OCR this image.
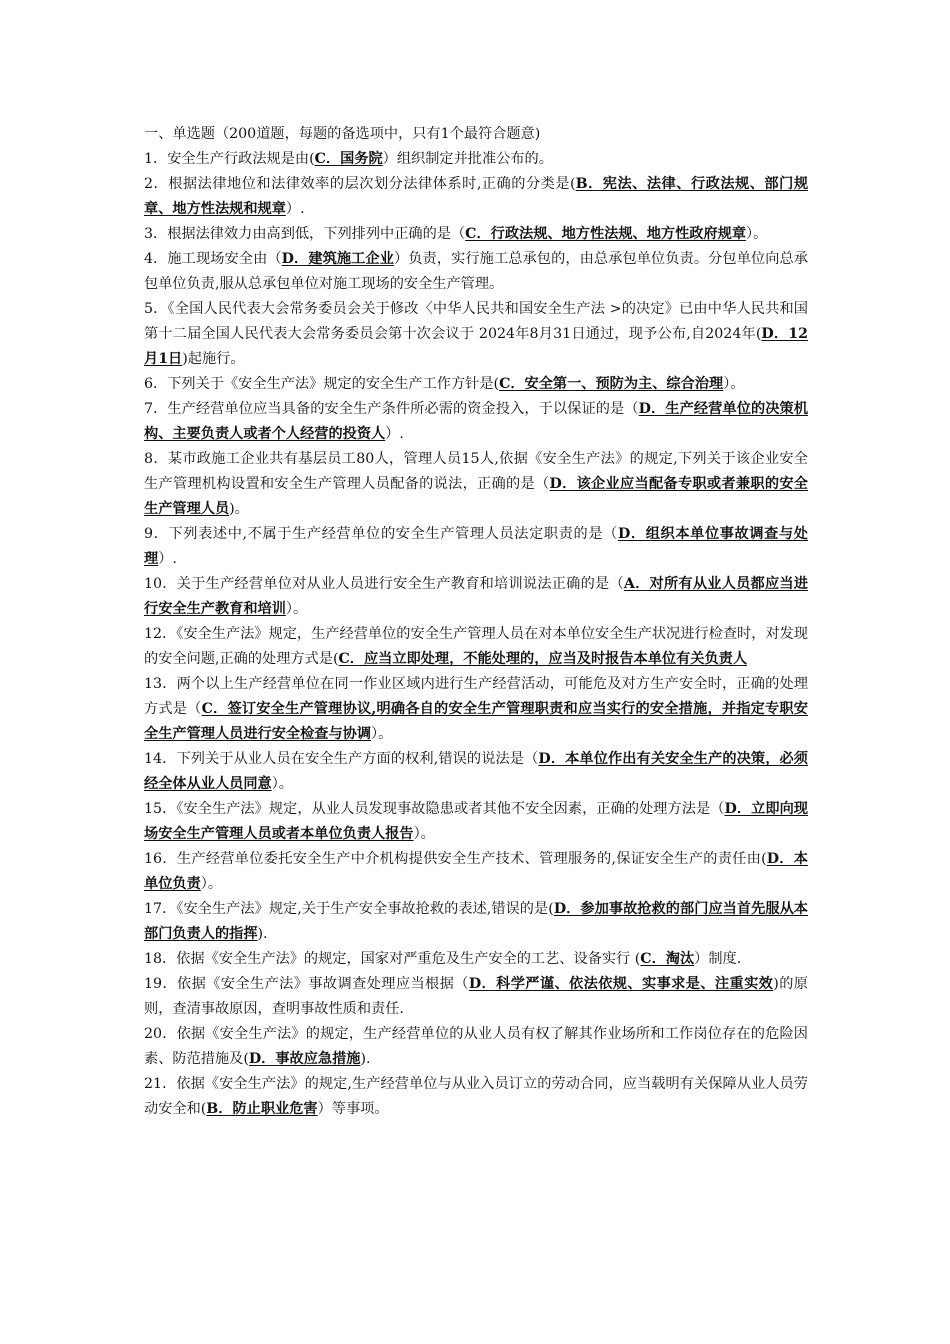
一、单选题（200道题，每题的备选项中，只有1个最符合题意)

1．安全生产行政法规是由(C．国务院）组织制定并批准公布的。

2．根据法律地位和法律效率的层次划分法律体系时,正确的分类是(B．宪法、法律、行政法规、部门规章、地方性法规和规章）.

3．根据法律效力由高到低，下列排列中正确的是（C．行政法规、地方性法规、地方性政府规章）。

4．施工现场安全由（D．建筑施工企业）负责，实行施工总承包的，由总承包单位负责。分包单位向总承包单位负责,服从总承包单位对施工现场的安全生产管理。

5．《全国人民代表大会常务委员会关于修改〈中华人民共和国安全生产法 >的决定》已由中华人民共和国第十二届全国人民代表大会常务委员会第十次会议于 2024年8月31日通过，现予公布,自2024年(D．12月1日)起施行。

6．下列关于《安全生产法》规定的安全生产工作方针是(C．安全第一、预防为主、综合治理）。

7．生产经营单位应当具备的安全生产条件所必需的资金投入，于以保证的是（D．生产经营单位的决策机构、主要负责人或者个人经营的投资人）.

8．某市政施工企业共有基层员工80人，管理人员15人,依据《安全生产法》的规定,下列关于该企业安全生产管理机构设置和安全生产管理人员配备的说法，正确的是（D．该企业应当配备专职或者兼职的安全生产管理人员)。

9．下列表述中,不属于生产经营单位的安全生产管理人员法定职责的是（D．组织本单位事故调查与处理）.

10．关于生产经营单位对从业人员进行安全生产教育和培训说法正确的是（A．对所有从业人员都应当进行安全生产教育和培训）。

12．《安全生产法》规定，生产经营单位的安全生产管理人员在对本单位安全生产状况进行检查时，对发现的安全问题,正确的处理方式是(C．应当立即处理，不能处理的，应当及时报告本单位有关负责人

13．两个以上生产经营单位在同一作业区域内进行生产经营活动，可能危及对方生产安全时，正确的处理方式是（C．签订安全生产管理协议,明确各自的安全生产管理职责和应当实行的安全措施，并指定专职安全生产管理人员进行安全检查与协调）。

14．下列关于从业人员在安全生产方面的权利,错误的说法是（D．本单位作出有关安全生产的决策，必须经全体从业人员同意）。

15．《安全生产法》规定，从业人员发现事故隐患或者其他不安全因素，正确的处理方法是（D．立即向现场安全生产管理人员或者本单位负责人报告）。

16．生产经营单位委托安全生产中介机构提供安全生产技术、管理服务的,保证安全生产的责任由(D．本单位负责）。

17．《安全生产法》规定,关于生产安全事故抢救的表述,错误的是(D．参加事故抢救的部门应当首先服从本部门负责人的指挥).

18．依据《安全生产法》的规定，国家对严重危及生产安全的工艺、设备实行 (C．淘汰）制度.

19．依据《安全生产法》事故调查处理应当根据（D．科学严谨、依法依规、实事求是、注重实效)的原则，查清事故原因，查明事故性质和责任.

20．依据《安全生产法》的规定，生产经营单位的从业人员有权了解其作业场所和工作岗位存在的危险因素、防范措施及(D．事故应急措施).

21．依据《安全生产法》的规定,生产经营单位与从业入员订立的劳动合同，应当载明有关保障从业人员劳动安全和(B．防止职业危害）等事项。
